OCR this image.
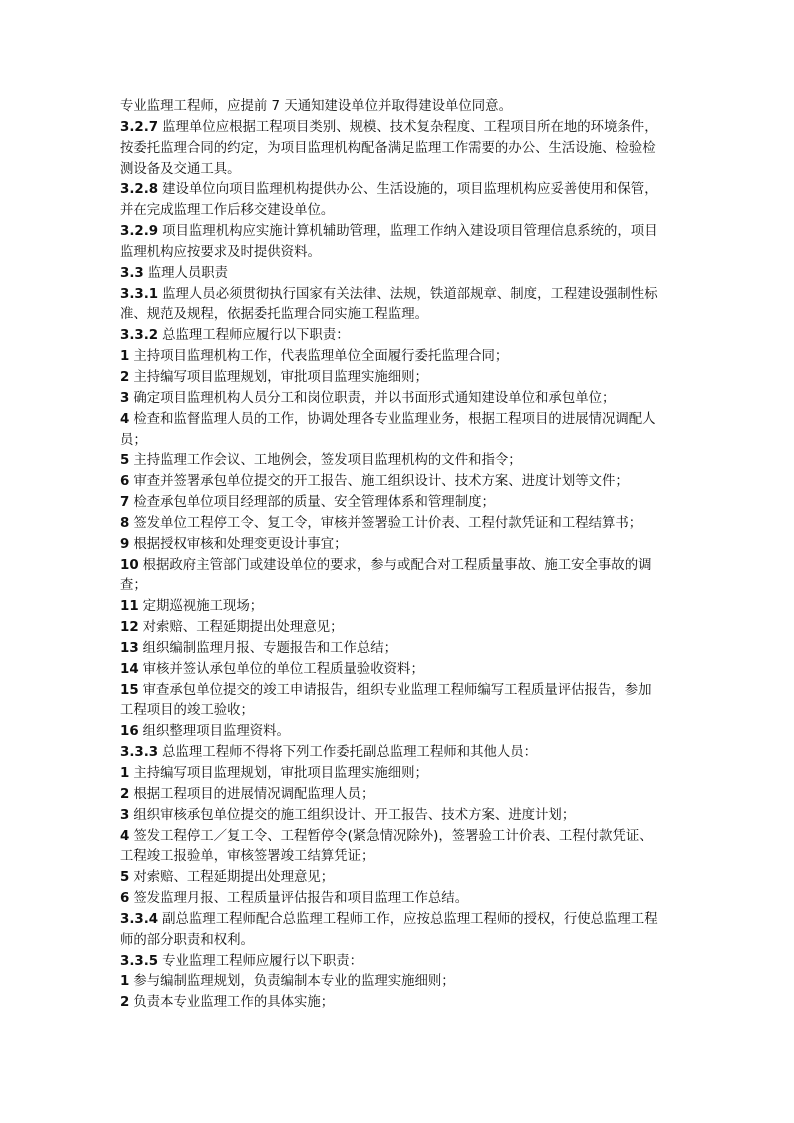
专业监理工程师，应提前 7 天通知建设单位并取得建设单位同意。
3.2.7 监理单位应根据工程项目类别、规模、技术复杂程度、工程项目所在地的环境条件，
按委托监理合同的约定，为项目监理机构配备满足监理工作需要的办公、生活设施、检验检
测设备及交通工具。
3.2.8 建设单位向项目监理机构提供办公、生活设施的，项目监理机构应妥善使用和保管，
并在完成监理工作后移交建设单位。
3.2.9 项目监理机构应实施计算机辅助管理，监理工作纳入建设项目管理信息系统的，项目
监理机构应按要求及时提供资料。
3.3 监理人员职责
3.3.1 监理人员必须贯彻执行国家有关法律、法规，铁道部规章、制度，工程建设强制性标
准、规范及规程，依据委托监理合同实施工程监理。
3.3.2 总监理工程师应履行以下职责：
1 主持项目监理机构工作，代表监理单位全面履行委托监理合同；
2 主持编写项目监理规划，审批项目监理实施细则；
3 确定项目监理机构人员分工和岗位职责，并以书面形式通知建设单位和承包单位；
4 检查和监督监理人员的工作，协调处理各专业监理业务，根据工程项目的进展情况调配人
员；
5 主持监理工作会议、工地例会，签发项目监理机构的文件和指令；
6 审查并签署承包单位提交的开工报告、施工组织设计、技术方案、进度计划等文件；
7 检查承包单位项目经理部的质量、安全管理体系和管理制度；
8 签发单位工程停工令、复工令，审核并签署验工计价表、工程付款凭证和工程结算书；
9 根据授权审核和处理变更设计事宜；
10 根据政府主管部门或建设单位的要求，参与或配合对工程质量事故、施工安全事故的调
查；
11 定期巡视施工现场；
12 对索赔、工程延期提出处理意见；
13 组织编制监理月报、专题报告和工作总结；
14 审核并签认承包单位的单位工程质量验收资料；
15 审查承包单位提交的竣工申请报告，组织专业监理工程师编写工程质量评估报告，参加
工程项目的竣工验收；
16 组织整理项目监理资料。
3.3.3 总监理工程师不得将下列工作委托副总监理工程师和其他人员：
1 主持编写项目监理规划，审批项目监理实施细则；
2 根据工程项目的进展情况调配监理人员；
3 组织审核承包单位提交的施工组织设计、开工报告、技术方案、进度计划；
4 签发工程停工／复工令、工程暂停令(紧急情况除外)，签署验工计价表、工程付款凭证、
工程竣工报验单，审核签署竣工结算凭证；
5 对索赔、工程延期提出处理意见；
6 签发监理月报、工程质量评估报告和项目监理工作总结。
3.3.4 副总监理工程师配合总监理工程师工作，应按总监理工程师的授权，行使总监理工程
师的部分职责和权利。
3.3.5 专业监理工程师应履行以下职责：
1 参与编制监理规划，负责编制本专业的监理实施细则；
2 负责本专业监理工作的具体实施；
